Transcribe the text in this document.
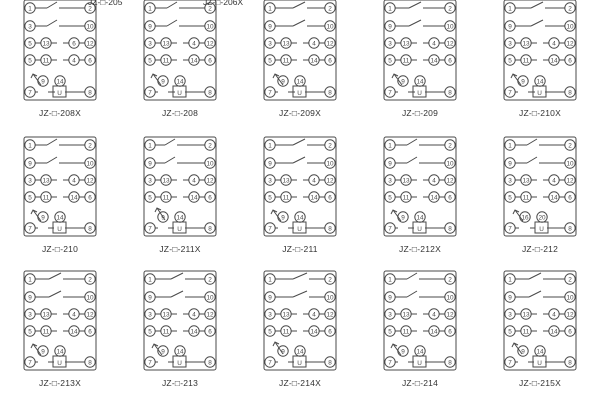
1	2
3	10
5	12
13	6
5	6
11	4
7	8
9 14
U
JZ-□-208X
1	2
9	10
3	12
13	4
5	6
11	14
7	8
9 14
U
JZ-□-208
1	2
9	10
3	12
13	4
5	6
11	14
7	8
9 14
U
JZ-□-209X
1	2
9	10
3	12
13	4
5	6
11	14
7	8
9 14
U
JZ-□-209
1	2
9	10
3	12
13	4
5	6
11	14
7	8
9 14
U
JZ-□-210X
1	2
9	10
3	12
13	4
5	6
11	14
7	8
9 14
U
JZ-□-210
1	2
9	10
3	12
13	4
5	6
11	14
7	8
9 14
U
JZ-□-211X
1	2
9	10
3	12
13	4
5	6
11	14
7	8
9 14
U
JZ-□-211
1	2
9	10
3	12
13	4
5	6
11	14
7	8
9 14
U
JZ-□-212X
1	2
9	10
3	12
13	4
5	6
11	14
7	8
16 20
U
JZ-□-212
1	2
9	10
3	12
13	4
5	6
11	14
7	8
9 14
U
JZ-□-213X
1	2
9	10
3	12
13	4
5	6
11	14
7	8
9 14
U
JZ-□-213
1	2
9	10
3	12
13	4
5	6
11	14
7	8
9 14
U
JZ-□-214X
1	2
9	10
3	12
13	4
5	6
11	14
7	8
9 14
U
JZ-□-214
1	2
9	10
3	12
13	4
5	6
11	14
7	8
9 14
U
JZ-□-215X
JZ-□-205	JZ-□-206X
